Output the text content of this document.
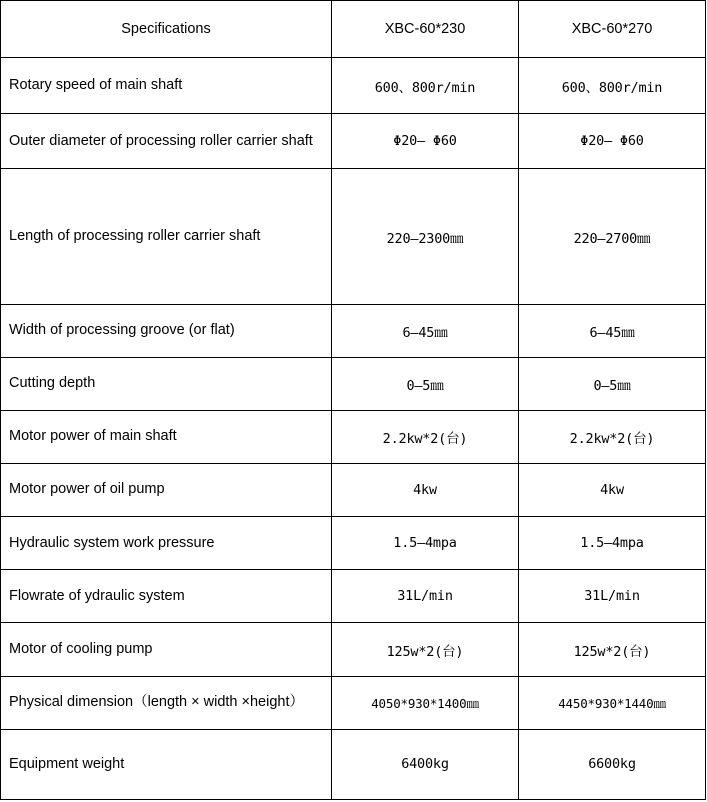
Specifications	XBC-60*230	XBC-60*270
Rotary speed of main shaft	600、800r/min	600、800r/min
Outer diameter of processing roller carrier shaft	Φ20— Φ60	Φ20— Φ60
Length of processing roller carrier shaft	220—2300㎜	220—2700㎜
Width of processing groove (or flat)	6—45㎜	6—45㎜
Cutting depth	0—5㎜	0—5㎜
Motor power of main shaft	2.2kw*2(台)	2.2kw*2(台)
Motor power of oil pump	4kw	4kw
Hydraulic system work pressure	1.5—4mpa	1.5—4mpa
Flowrate of ydraulic system	31L/min	31L/min
Motor of cooling pump	125w*2(台)	125w*2(台)
Physical dimension（length × width ×height）	4050*930*1400㎜	4450*930*1440㎜
Equipment weight	6400kg	6600kg
